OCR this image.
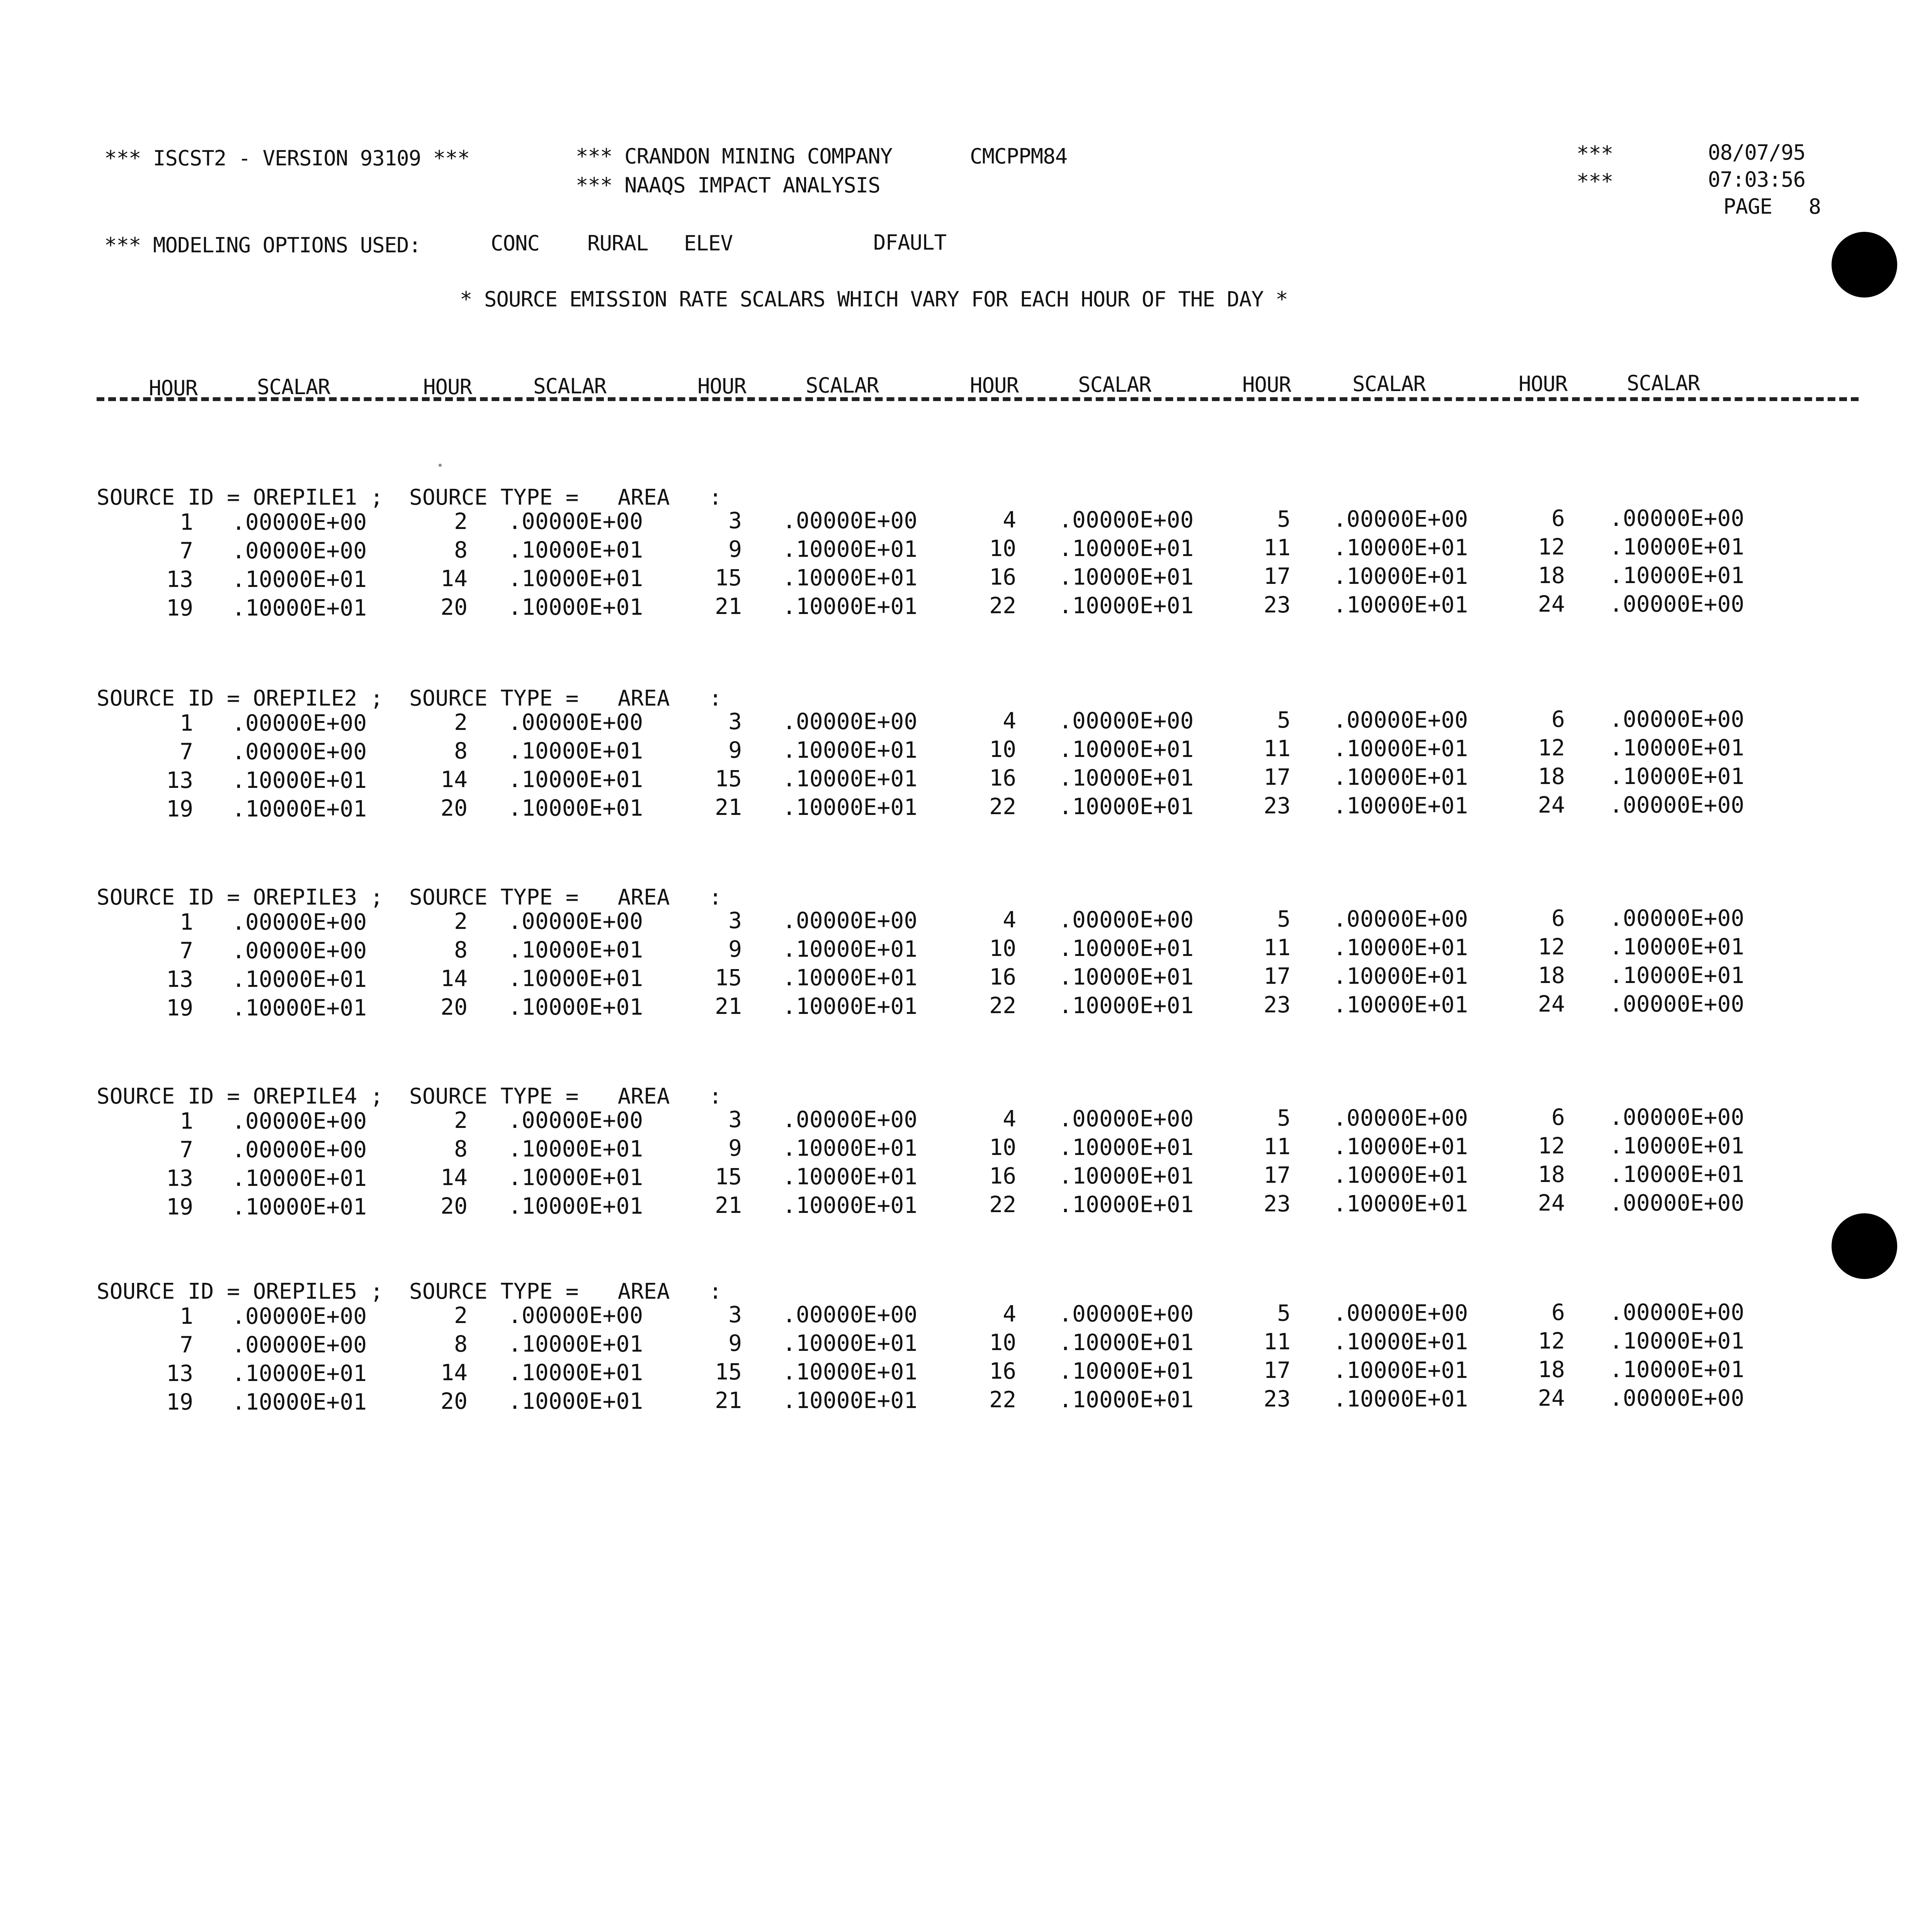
*** ISCST2 - VERSION 93109 ***	*** CRANDON MINING COMPANY	CMCPPM84
*** NAAQS IMPACT ANALYSIS
***
***
08/07/95
07:03:56
PAGE   8
*** MODELING OPTIONS USED:	CONC RURAL ELEV	DFAULT
* SOURCE EMISSION RATE SCALARS WHICH VARY FOR EACH HOUR OF THE DAY *
HOUR	SCALAR	HOUR	SCALAR	HOUR	SCALAR	HOUR	SCALAR	HOUR	SCALAR	HOUR	SCALAR
SOURCE ID = OREPILE1 ;  SOURCE TYPE =   AREA   :
1 .00000E+00	2 .00000E+00	3 .00000E+00	4 .00000E+00	5 .00000E+00	6 .00000E+00
7 .00000E+00	8 .10000E+01	9 .10000E+01	10 .10000E+01	11 .10000E+01	12 .10000E+01
13 .10000E+01	14 .10000E+01	15 .10000E+01	16 .10000E+01	17 .10000E+01	18 .10000E+01
19 .10000E+01	20 .10000E+01	21 .10000E+01	22 .10000E+01	23 .10000E+01	24 .00000E+00
SOURCE ID = OREPILE2 ;  SOURCE TYPE =   AREA   :
1 .00000E+00	2 .00000E+00	3 .00000E+00	4 .00000E+00	5 .00000E+00	6 .00000E+00
7 .00000E+00	8 .10000E+01	9 .10000E+01	10 .10000E+01	11 .10000E+01	12 .10000E+01
13 .10000E+01	14 .10000E+01	15 .10000E+01	16 .10000E+01	17 .10000E+01	18 .10000E+01
19 .10000E+01	20 .10000E+01	21 .10000E+01	22 .10000E+01	23 .10000E+01	24 .00000E+00
SOURCE ID = OREPILE3 ;  SOURCE TYPE =   AREA   :
1 .00000E+00	2 .00000E+00	3 .00000E+00	4 .00000E+00	5 .00000E+00	6 .00000E+00
7 .00000E+00	8 .10000E+01	9 .10000E+01	10 .10000E+01	11 .10000E+01	12 .10000E+01
13 .10000E+01	14 .10000E+01	15 .10000E+01	16 .10000E+01	17 .10000E+01	18 .10000E+01
19 .10000E+01	20 .10000E+01	21 .10000E+01	22 .10000E+01	23 .10000E+01	24 .00000E+00
SOURCE ID = OREPILE4 ;  SOURCE TYPE =   AREA   :
1 .00000E+00	2 .00000E+00	3 .00000E+00	4 .00000E+00	5 .00000E+00	6 .00000E+00
7 .00000E+00	8 .10000E+01	9 .10000E+01	10 .10000E+01	11 .10000E+01	12 .10000E+01
13 .10000E+01	14 .10000E+01	15 .10000E+01	16 .10000E+01	17 .10000E+01	18 .10000E+01
19 .10000E+01	20 .10000E+01	21 .10000E+01	22 .10000E+01	23 .10000E+01	24 .00000E+00
SOURCE ID = OREPILE5 ;  SOURCE TYPE =   AREA   :
1 .00000E+00	2 .00000E+00	3 .00000E+00	4 .00000E+00	5 .00000E+00	6 .00000E+00
7 .00000E+00	8 .10000E+01	9 .10000E+01	10 .10000E+01	11 .10000E+01	12 .10000E+01
13 .10000E+01	14 .10000E+01	15 .10000E+01	16 .10000E+01	17 .10000E+01	18 .10000E+01
19 .10000E+01	20 .10000E+01	21 .10000E+01	22 .10000E+01	23 .10000E+01	24 .00000E+00
